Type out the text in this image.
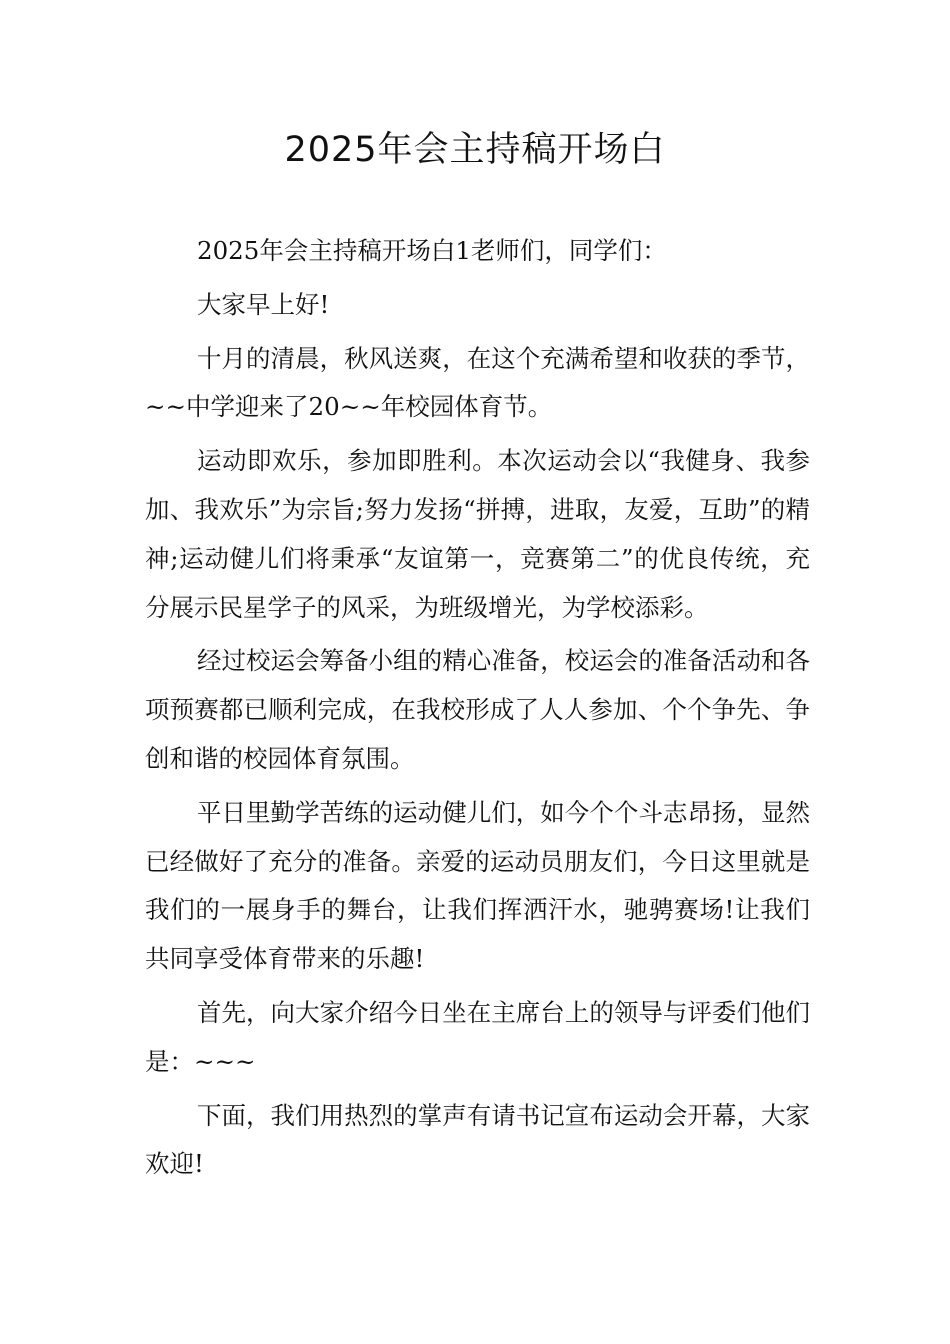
2025年会主持稿开场白

2025年会主持稿开场白1老师们，同学们：

大家早上好!

十月的清晨，秋风送爽，在这个充满希望和收获的季节，~~中学迎来了20~~年校园体育节。

运动即欢乐，参加即胜利。本次运动会以“我健身、我参加、我欢乐”为宗旨;努力发扬“拼搏，进取，友爱，互助”的精神;运动健儿们将秉承“友谊第一，竞赛第二”的优良传统，充分展示民星学子的风采，为班级增光，为学校添彩。

经过校运会筹备小组的精心准备，校运会的准备活动和各项预赛都已顺利完成，在我校形成了人人参加、个个争先、争创和谐的校园体育氛围。

平日里勤学苦练的运动健儿们，如今个个斗志昂扬，显然已经做好了充分的准备。亲爱的运动员朋友们，今日这里就是我们的一展身手的舞台，让我们挥洒汗水，驰骋赛场!让我们共同享受体育带来的乐趣!

首先，向大家介绍今日坐在主席台上的领导与评委们他们是：~~~

下面，我们用热烈的掌声有请书记宣布运动会开幕，大家欢迎!
